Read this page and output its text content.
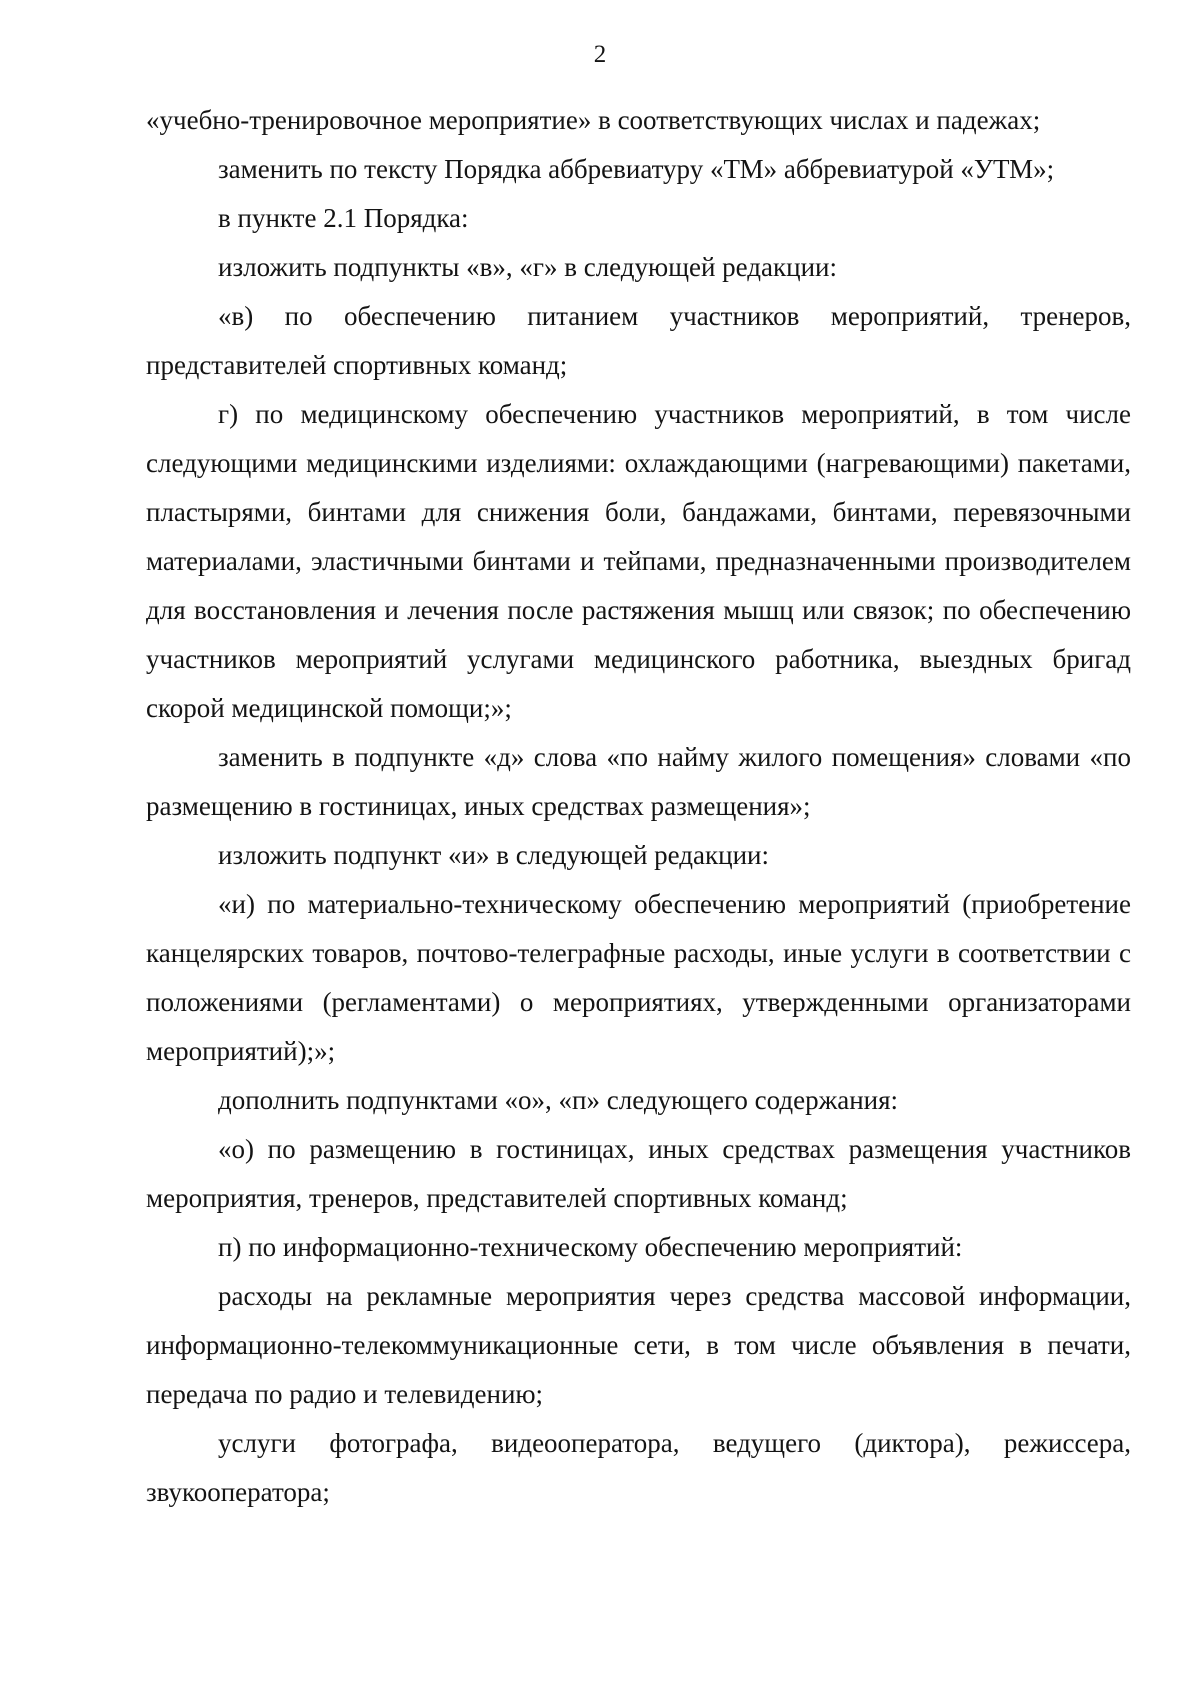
2

«учебно-тренировочное мероприятие» в соответствующих числах и падежах;

заменить по тексту Порядка аббревиатуру «ТМ» аббревиатурой «УТМ»;

в пункте 2.1 Порядка:

изложить подпункты «в», «г» в следующей редакции:

«в) по обеспечению питанием участников мероприятий, тренеров, представителей спортивных команд;

г) по медицинскому обеспечению участников мероприятий, в том числе следующими медицинскими изделиями: охлаждающими (нагревающими) пакетами, пластырями, бинтами для снижения боли, бандажами, бинтами, перевязочными материалами, эластичными бинтами и тейпами, предназначенными производителем для восстановления и лечения после растяжения мышц или связок; по обеспечению участников мероприятий услугами медицинского работника, выездных бригад скорой медицинской помощи;»;

заменить в подпункте «д» слова «по найму жилого помещения» словами «по размещению в гостиницах, иных средствах размещения»;

изложить подпункт «и» в следующей редакции:

«и) по материально-техническому обеспечению мероприятий (приобретение канцелярских товаров, почтово-телеграфные расходы, иные услуги в соответствии с положениями (регламентами) о мероприятиях, утвержденными организаторами мероприятий);»;

дополнить подпунктами «о», «п» следующего содержания:

«о) по размещению в гостиницах, иных средствах размещения участников мероприятия, тренеров, представителей спортивных команд;

п) по информационно-техническому обеспечению мероприятий:

расходы на рекламные мероприятия через средства массовой информации, информационно-телекоммуникационные сети, в том числе объявления в печати, передача по радио и телевидению;

услуги фотографа, видеооператора, ведущего (диктора), режиссера, звукооператора;
